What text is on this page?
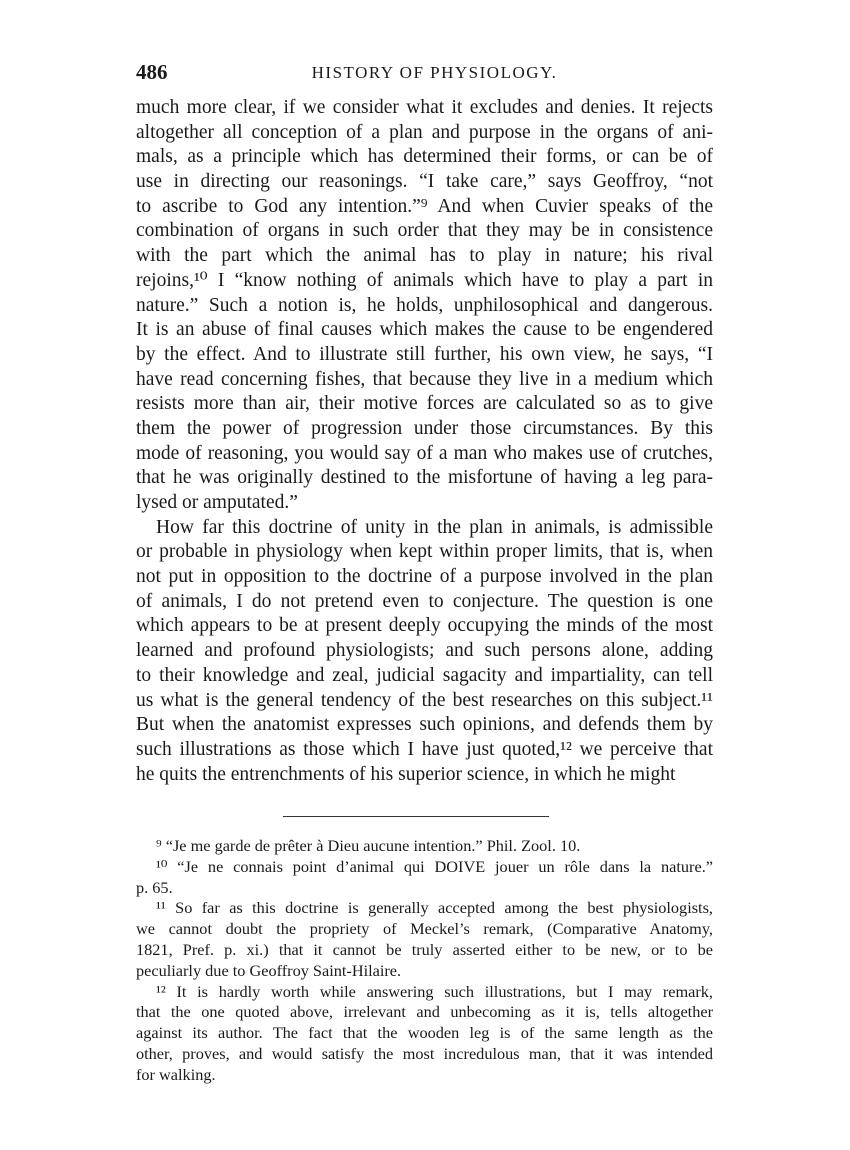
486	HISTORY OF PHYSIOLOGY.

much more clear, if we consider what it excludes and denies. It rejects
altogether all conception of a plan and purpose in the organs of ani-
mals, as a principle which has determined their forms, or can be of
use in directing our reasonings. “I take care,” says Geoffroy, “not
to ascribe to God any intention.”⁹ And when Cuvier speaks of the
combination of organs in such order that they may be in consistence
with the part which the animal has to play in nature; his rival
rejoins,¹⁰ I “know nothing of animals which have to play a part in
nature.” Such a notion is, he holds, unphilosophical and dangerous.
It is an abuse of final causes which makes the cause to be engendered
by the effect. And to illustrate still further, his own view, he says, “I
have read concerning fishes, that because they live in a medium which
resists more than air, their motive forces are calculated so as to give
them the power of progression under those circumstances. By this
mode of reasoning, you would say of a man who makes use of crutches,
that he was originally destined to the misfortune of having a leg para-
lysed or amputated.”

How far this doctrine of unity in the plan in animals, is admissible
or probable in physiology when kept within proper limits, that is, when
not put in opposition to the doctrine of a purpose involved in the plan
of animals, I do not pretend even to conjecture. The question is one
which appears to be at present deeply occupying the minds of the most
learned and profound physiologists; and such persons alone, adding
to their knowledge and zeal, judicial sagacity and impartiality, can tell
us what is the general tendency of the best researches on this subject.¹¹
But when the anatomist expresses such opinions, and defends them by
such illustrations as those which I have just quoted,¹² we perceive that
he quits the entrenchments of his superior science, in which he might

⁹ “Je me garde de prêter à Dieu aucune intention.” Phil. Zool. 10.

¹⁰ “Je ne connais point d’animal qui DOIVE jouer un rôle dans la nature.”
p. 65.

¹¹ So far as this doctrine is generally accepted among the best physiologists,
we cannot doubt the propriety of Meckel’s remark, (Comparative Anatomy,
1821, Pref. p. xi.) that it cannot be truly asserted either to be new, or to be
peculiarly due to Geoffroy Saint-Hilaire.

¹² It is hardly worth while answering such illustrations, but I may remark,
that the one quoted above, irrelevant and unbecoming as it is, tells altogether
against its author. The fact that the wooden leg is of the same length as the
other, proves, and would satisfy the most incredulous man, that it was intended
for walking.
